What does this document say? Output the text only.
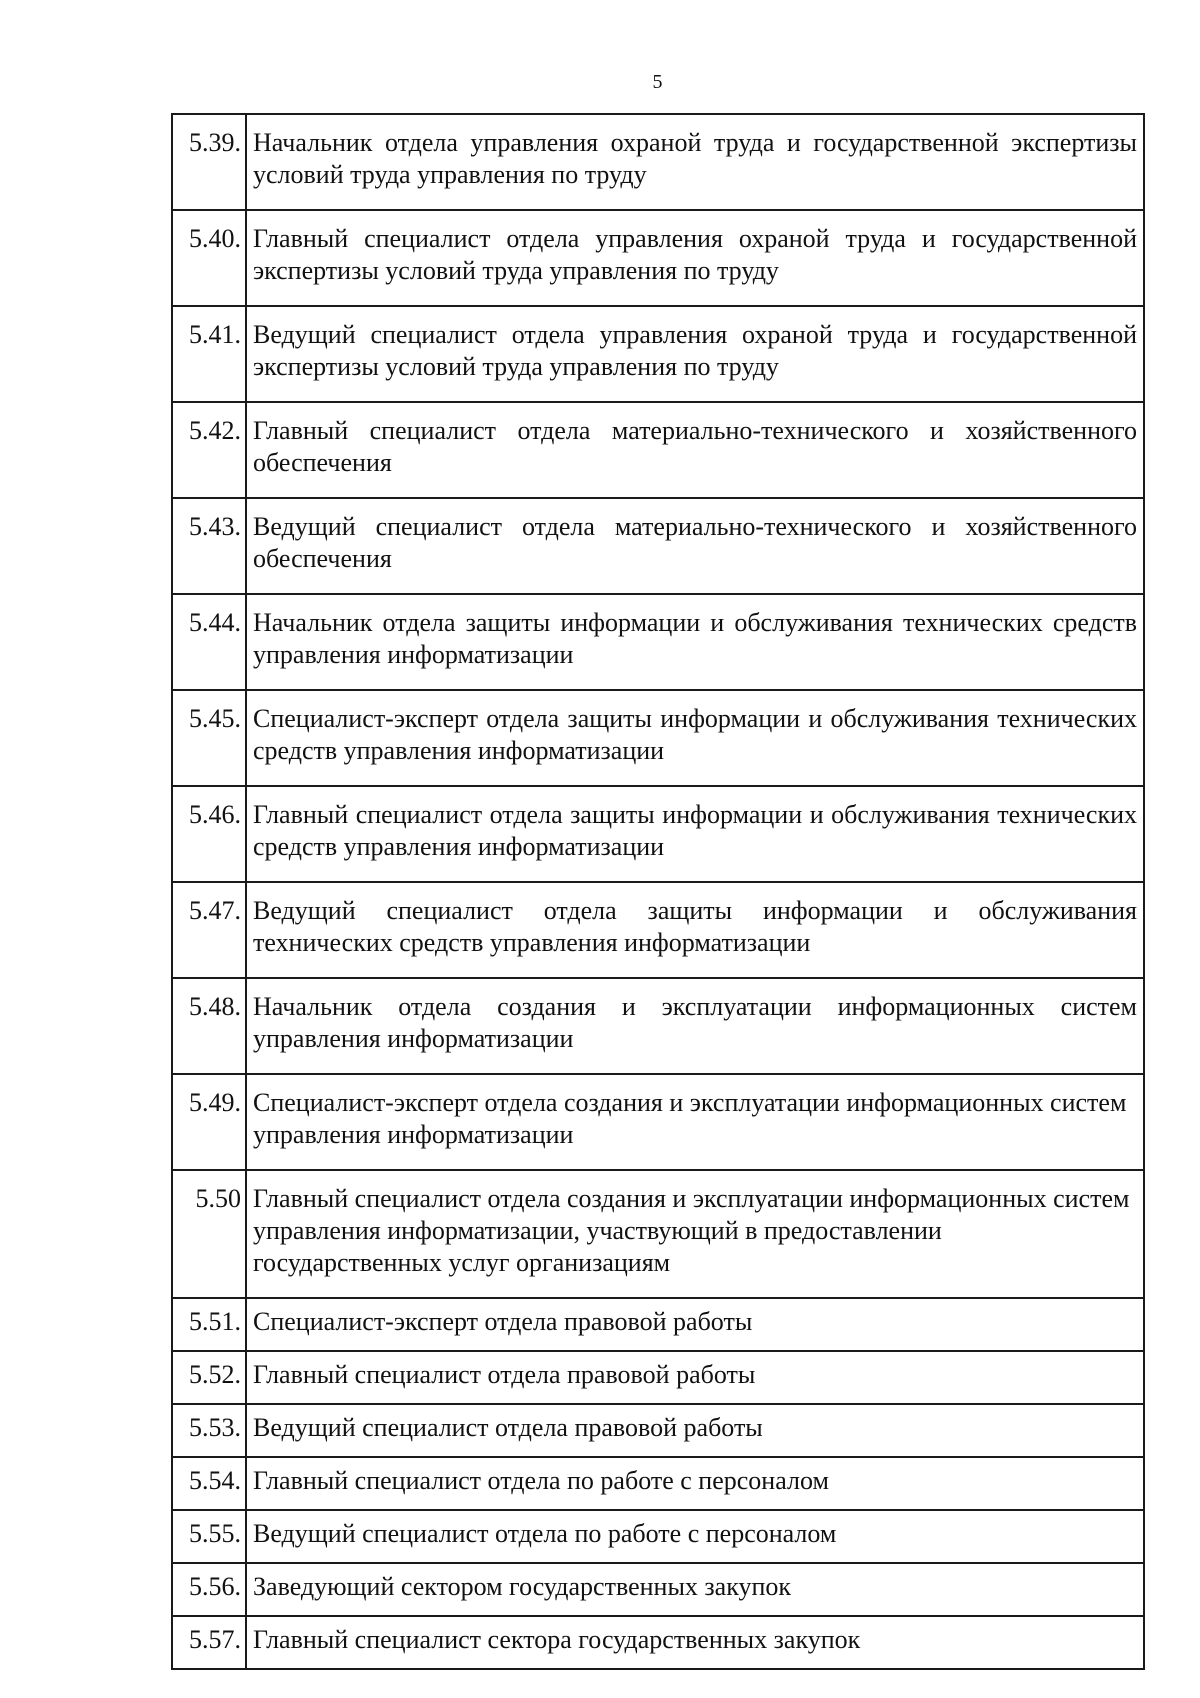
5
5.39.	Начальник отдела управления охраной труда и государственной экспертизы условий труда управления по труду
5.40.	Главный специалист отдела управления охраной труда и государственной экспертизы условий труда управления по труду
5.41.	Ведущий специалист отдела управления охраной труда и государственной экспертизы условий труда управления по труду
5.42.	Главный специалист отдела материально-технического и хозяйственного обеспечения
5.43.	Ведущий специалист отдела материально-технического и хозяйственного обеспечения
5.44.	Начальник отдела защиты информации и обслуживания технических средств управления информатизации
5.45.	Специалист-эксперт отдела защиты информации и обслуживания технических средств управления информатизации
5.46.	Главный специалист отдела защиты информации и обслуживания технических средств управления информатизации
5.47.	Ведущий специалист отдела защиты информации и обслуживания технических средств управления информатизации
5.48.	Начальник отдела создания и эксплуатации информационных систем управления информатизации
5.49.	Специалист-эксперт отдела создания и эксплуатации информационных систем управления информатизации
5.50	Главный специалист отдела создания и эксплуатации информационных систем управления информатизации, участвующий в предоставлении государственных услуг организациям
5.51.	Специалист-эксперт отдела правовой работы
5.52.	Главный специалист отдела правовой работы
5.53.	Ведущий специалист отдела правовой работы
5.54.	Главный специалист отдела по работе с персоналом
5.55.	Ведущий специалист отдела по работе с персоналом
5.56.	Заведующий сектором государственных закупок
5.57.	Главный специалист сектора государственных закупок
